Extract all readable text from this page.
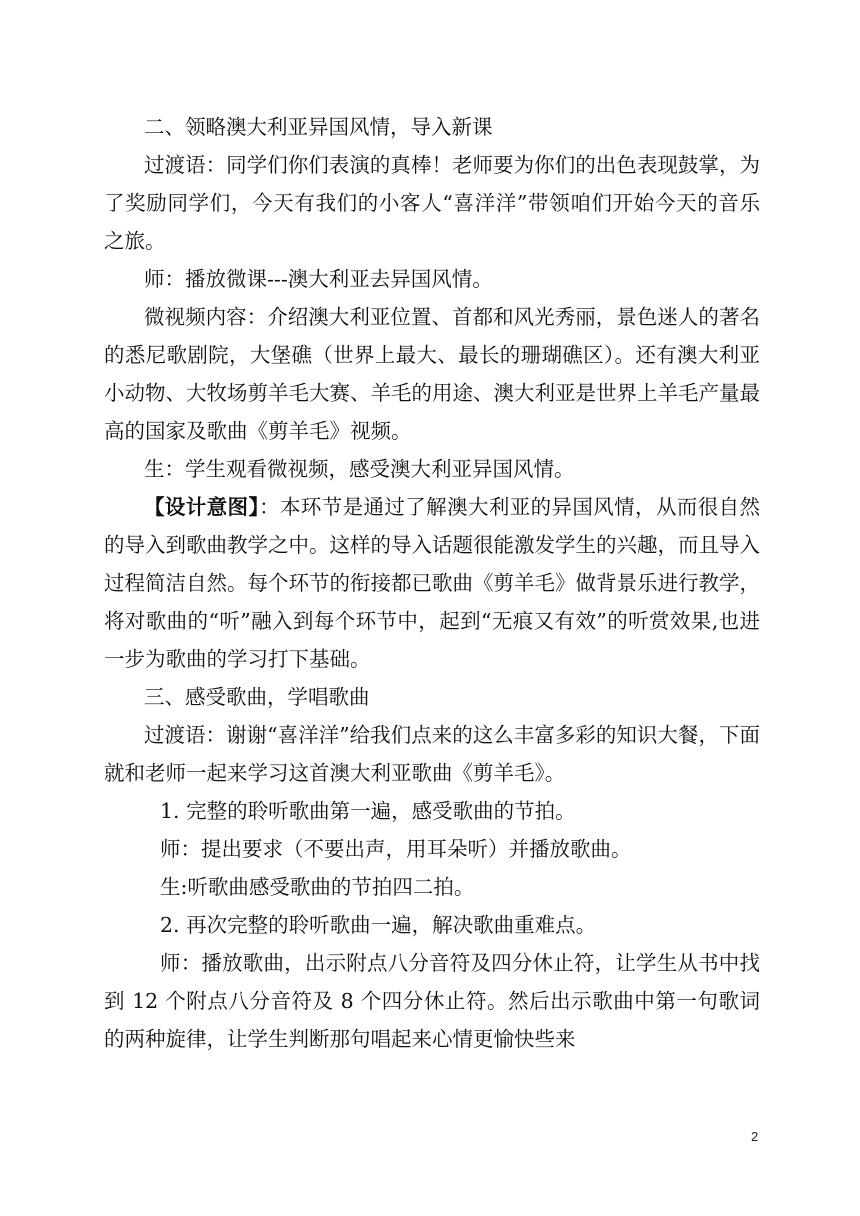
二、领略澳大利亚异国风情，导入新课

过渡语：同学们你们表演的真棒！老师要为你们的出色表现鼓掌，为了奖励同学们，今天有我们的小客人“喜洋洋”带领咱们开始今天的音乐之旅。

师：播放微课---澳大利亚去异国风情。

微视频内容：介绍澳大利亚位置、首都和风光秀丽，景色迷人的著名的悉尼歌剧院，大堡礁（世界上最大、最长的珊瑚礁区）。还有澳大利亚小动物、大牧场剪羊毛大赛、羊毛的用途、澳大利亚是世界上羊毛产量最高的国家及歌曲《剪羊毛》视频。

生：学生观看微视频，感受澳大利亚异国风情。

【设计意图】：本环节是通过了解澳大利亚的异国风情，从而很自然的导入到歌曲教学之中。这样的导入话题很能激发学生的兴趣，而且导入过程简洁自然。每个环节的衔接都已歌曲《剪羊毛》做背景乐进行教学，将对歌曲的“听”融入到每个环节中，起到“无痕又有效”的听赏效果,也进一步为歌曲的学习打下基础。

三、感受歌曲，学唱歌曲

过渡语：谢谢“喜洋洋”给我们点来的这么丰富多彩的知识大餐，下面就和老师一起来学习这首澳大利亚歌曲《剪羊毛》。

1. 完整的聆听歌曲第一遍，感受歌曲的节拍。

师：提出要求（不要出声，用耳朵听）并播放歌曲。

生:听歌曲感受歌曲的节拍四二拍。

2. 再次完整的聆听歌曲一遍，解决歌曲重难点。

师：播放歌曲，出示附点八分音符及四分休止符，让学生从书中找到 12 个附点八分音符及 8 个四分休止符。然后出示歌曲中第一句歌词的两种旋律，让学生判断那句唱起来心情更愉快些来

2
